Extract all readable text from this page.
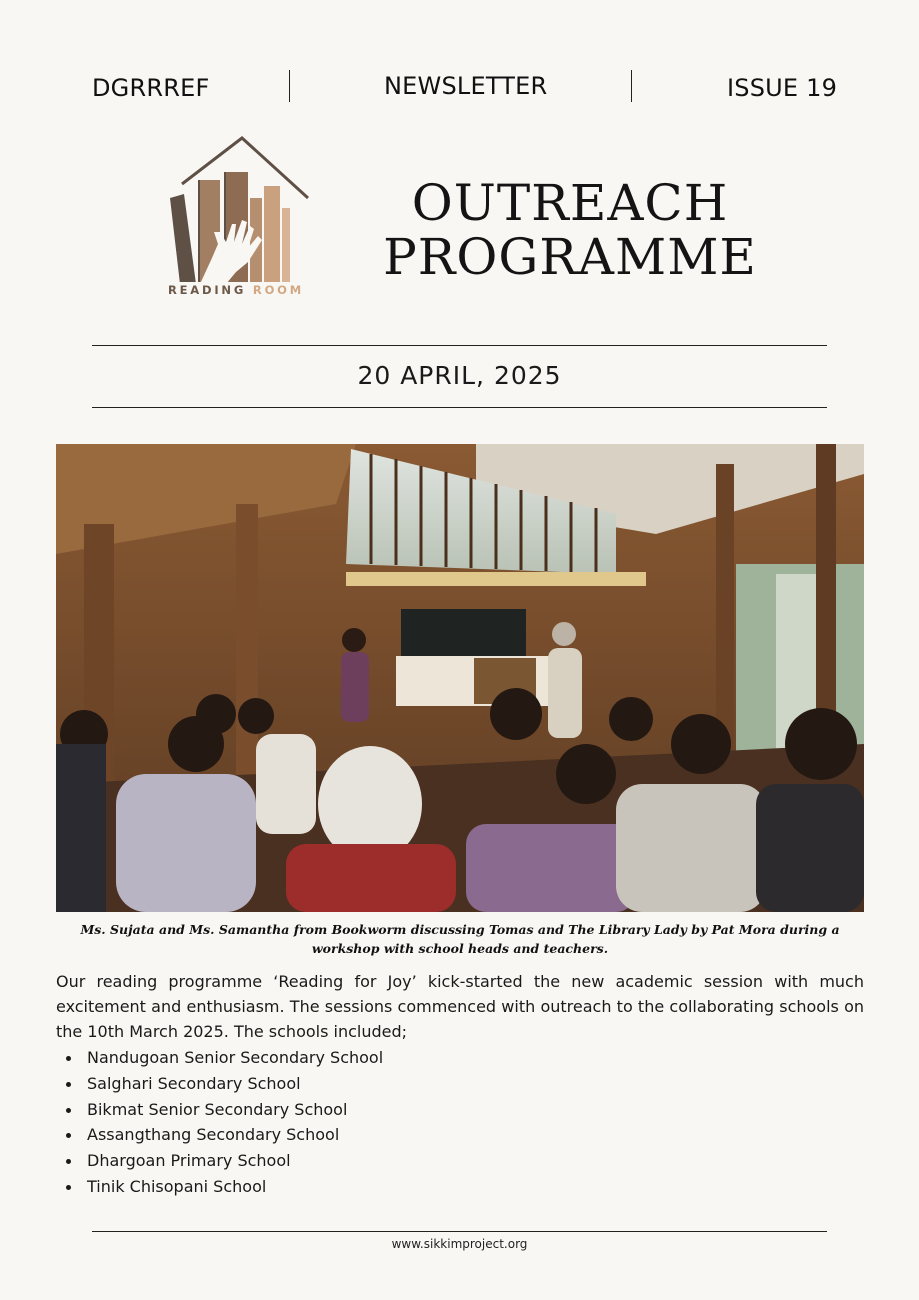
DGRRREF	NEWSLETTER	ISSUE 19
READING ROOM
OUTREACH
PROGRAMME
20 APRIL, 2025
Ms. Sujata and Ms. Samantha from Bookworm discussing Tomas and The Library Lady by Pat Mora during a workshop with school heads and teachers.
Our reading programme ‘Reading for Joy’ kick-started the new academic session with much excitement and enthusiasm. The sessions commenced with outreach to the collaborating schools on the 10th March 2025. The schools included;
Nandugoan Senior Secondary School
Salghari Secondary School
Bikmat Senior Secondary School
Assangthang Secondary School
Dhargoan Primary School
Tinik Chisopani School
www.sikkimproject.org
